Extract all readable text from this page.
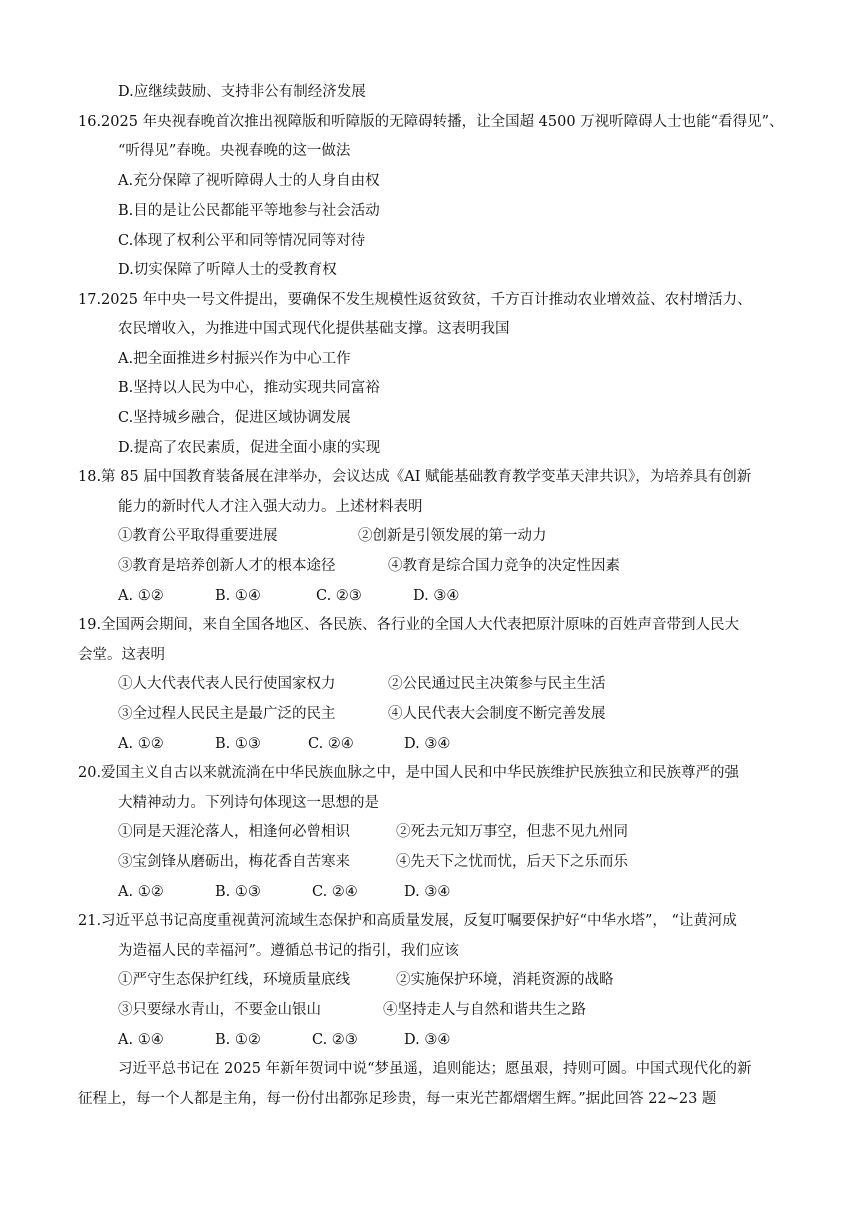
D.应继续鼓励、支持非公有制经济发展
16.2025 年央视春晚首次推出视障版和听障版的无障碍转播，让全国超 4500 万视听障碍人士也能“看得见”、
“听得见”春晚。央视春晚的这一做法
A.充分保障了视听障碍人士的人身自由权
B.目的是让公民都能平等地参与社会活动
C.体现了权利公平和同等情况同等对待
D.切实保障了听障人士的受教育权
17.2025 年中央一号文件提出，要确保不发生规模性返贫致贫，千方百计推动农业增效益、农村增活力、
农民增收入，为推进中国式现代化提供基础支撑。这表明我国
A.把全面推进乡村振兴作为中心工作
B.坚持以人民为中心，推动实现共同富裕
C.坚持城乡融合，促进区域协调发展
D.提高了农民素质，促进全面小康的实现
18.第 85 届中国教育装备展在津举办，会议达成《AI 赋能基础教育教学变革天津共识》，为培养具有创新
能力的新时代人才注入强大动力。上述材料表明
①教育公平取得重要进展	②创新是引领发展的第一动力
③教育是培养创新人才的根本途径	④教育是综合国力竞争的决定性因素
A. ①②	B. ①④	C. ②③	D. ③④
19.全国两会期间，来自全国各地区、各民族、各行业的全国人大代表把原汁原味的百姓声音带到人民大
会堂。这表明
①人大代表代表人民行使国家权力	②公民通过民主决策参与民主生活
③全过程人民民主是最广泛的民主	④人民代表大会制度不断完善发展
A. ①②	B. ①③	C. ②④	D. ③④
20.爱国主义自古以来就流淌在中华民族血脉之中，是中国人民和中华民族维护民族独立和民族尊严的强
大精神动力。下列诗句体现这一思想的是
①同是天涯沦落人，相逢何必曾相识	②死去元知万事空，但悲不见九州同
③宝剑锋从磨砺出，梅花香自苦寒来	④先天下之忧而忧，后天下之乐而乐
A. ①②	B. ①③	C. ②④	D. ③④
21.习近平总书记高度重视黄河流域生态保护和高质量发展，反复叮嘱要保护好“中华水塔”， “让黄河成
为造福人民的幸福河”。遵循总书记的指引，我们应该
①严守生态保护红线，环境质量底线	②实施保护环境，消耗资源的战略
③只要绿水青山，不要金山银山	④坚持走人与自然和谐共生之路
A. ①④	B. ①②	C. ②③	D. ③④
习近平总书记在 2025 年新年贺词中说“梦虽遥，追则能达；愿虽艰，持则可圆。中国式现代化的新
征程上，每一个人都是主角，每一份付出都弥足珍贵，每一束光芒都熠熠生辉。”据此回答 22~23 题
